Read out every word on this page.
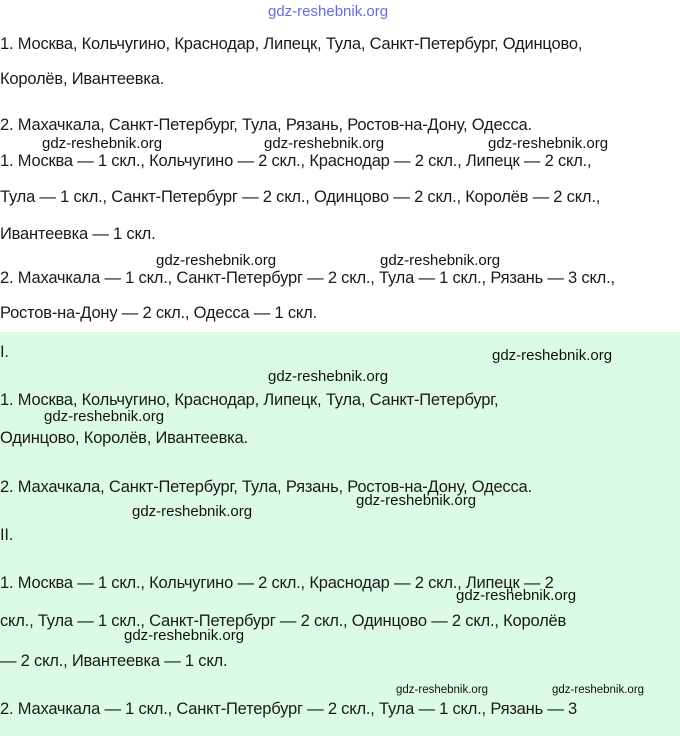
gdz-reshebnik.org

1. Москва, Кольчугино, Краснодар, Липецк, Тула, Санкт-Петербург, Одинцово,

Королёв, Ивантеевка.

2. Махачкала, Санкт-Петербург, Тула, Рязань, Ростов-на-Дону, Одесса.

1. Москва — 1 скл., Кольчугино — 2 скл., Краснодар — 2 скл., Липецк — 2 скл.,

Тула — 1 скл., Санкт-Петербург — 2 скл., Одинцово — 2 скл., Королёв — 2 скл.,

Ивантеевка — 1 скл.

2. Махачкала — 1 скл., Санкт-Петербург — 2 скл., Тула — 1 скл., Рязань — 3 скл.,

Ростов-на-Дону — 2 скл., Одесса — 1 скл.

I.

1. Москва, Кольчугино, Краснодар, Липецк, Тула, Санкт-Петербург,

Одинцово, Королёв, Ивантеевка.

2. Махачкала, Санкт-Петербург, Тула, Рязань, Ростов-на-Дону, Одесса.

II.

1. Москва — 1 скл., Кольчугино — 2 скл., Краснодар — 2 скл., Липецк — 2

скл., Тула — 1 скл., Санкт-Петербург — 2 скл., Одинцово — 2 скл., Королёв

— 2 скл., Ивантеевка — 1 скл.

2. Махачкала — 1 скл., Санкт-Петербург — 2 скл., Тула — 1 скл., Рязань — 3

gdz-reshebnik.org	gdz-reshebnik.org	gdz-reshebnik.org
gdz-reshebnik.org	gdz-reshebnik.org
gdz-reshebnik.org
gdz-reshebnik.org
gdz-reshebnik.org
gdz-reshebnik.org
gdz-reshebnik.org
gdz-reshebnik.org
gdz-reshebnik.org
gdz-reshebnik.org	gdz-reshebnik.org
